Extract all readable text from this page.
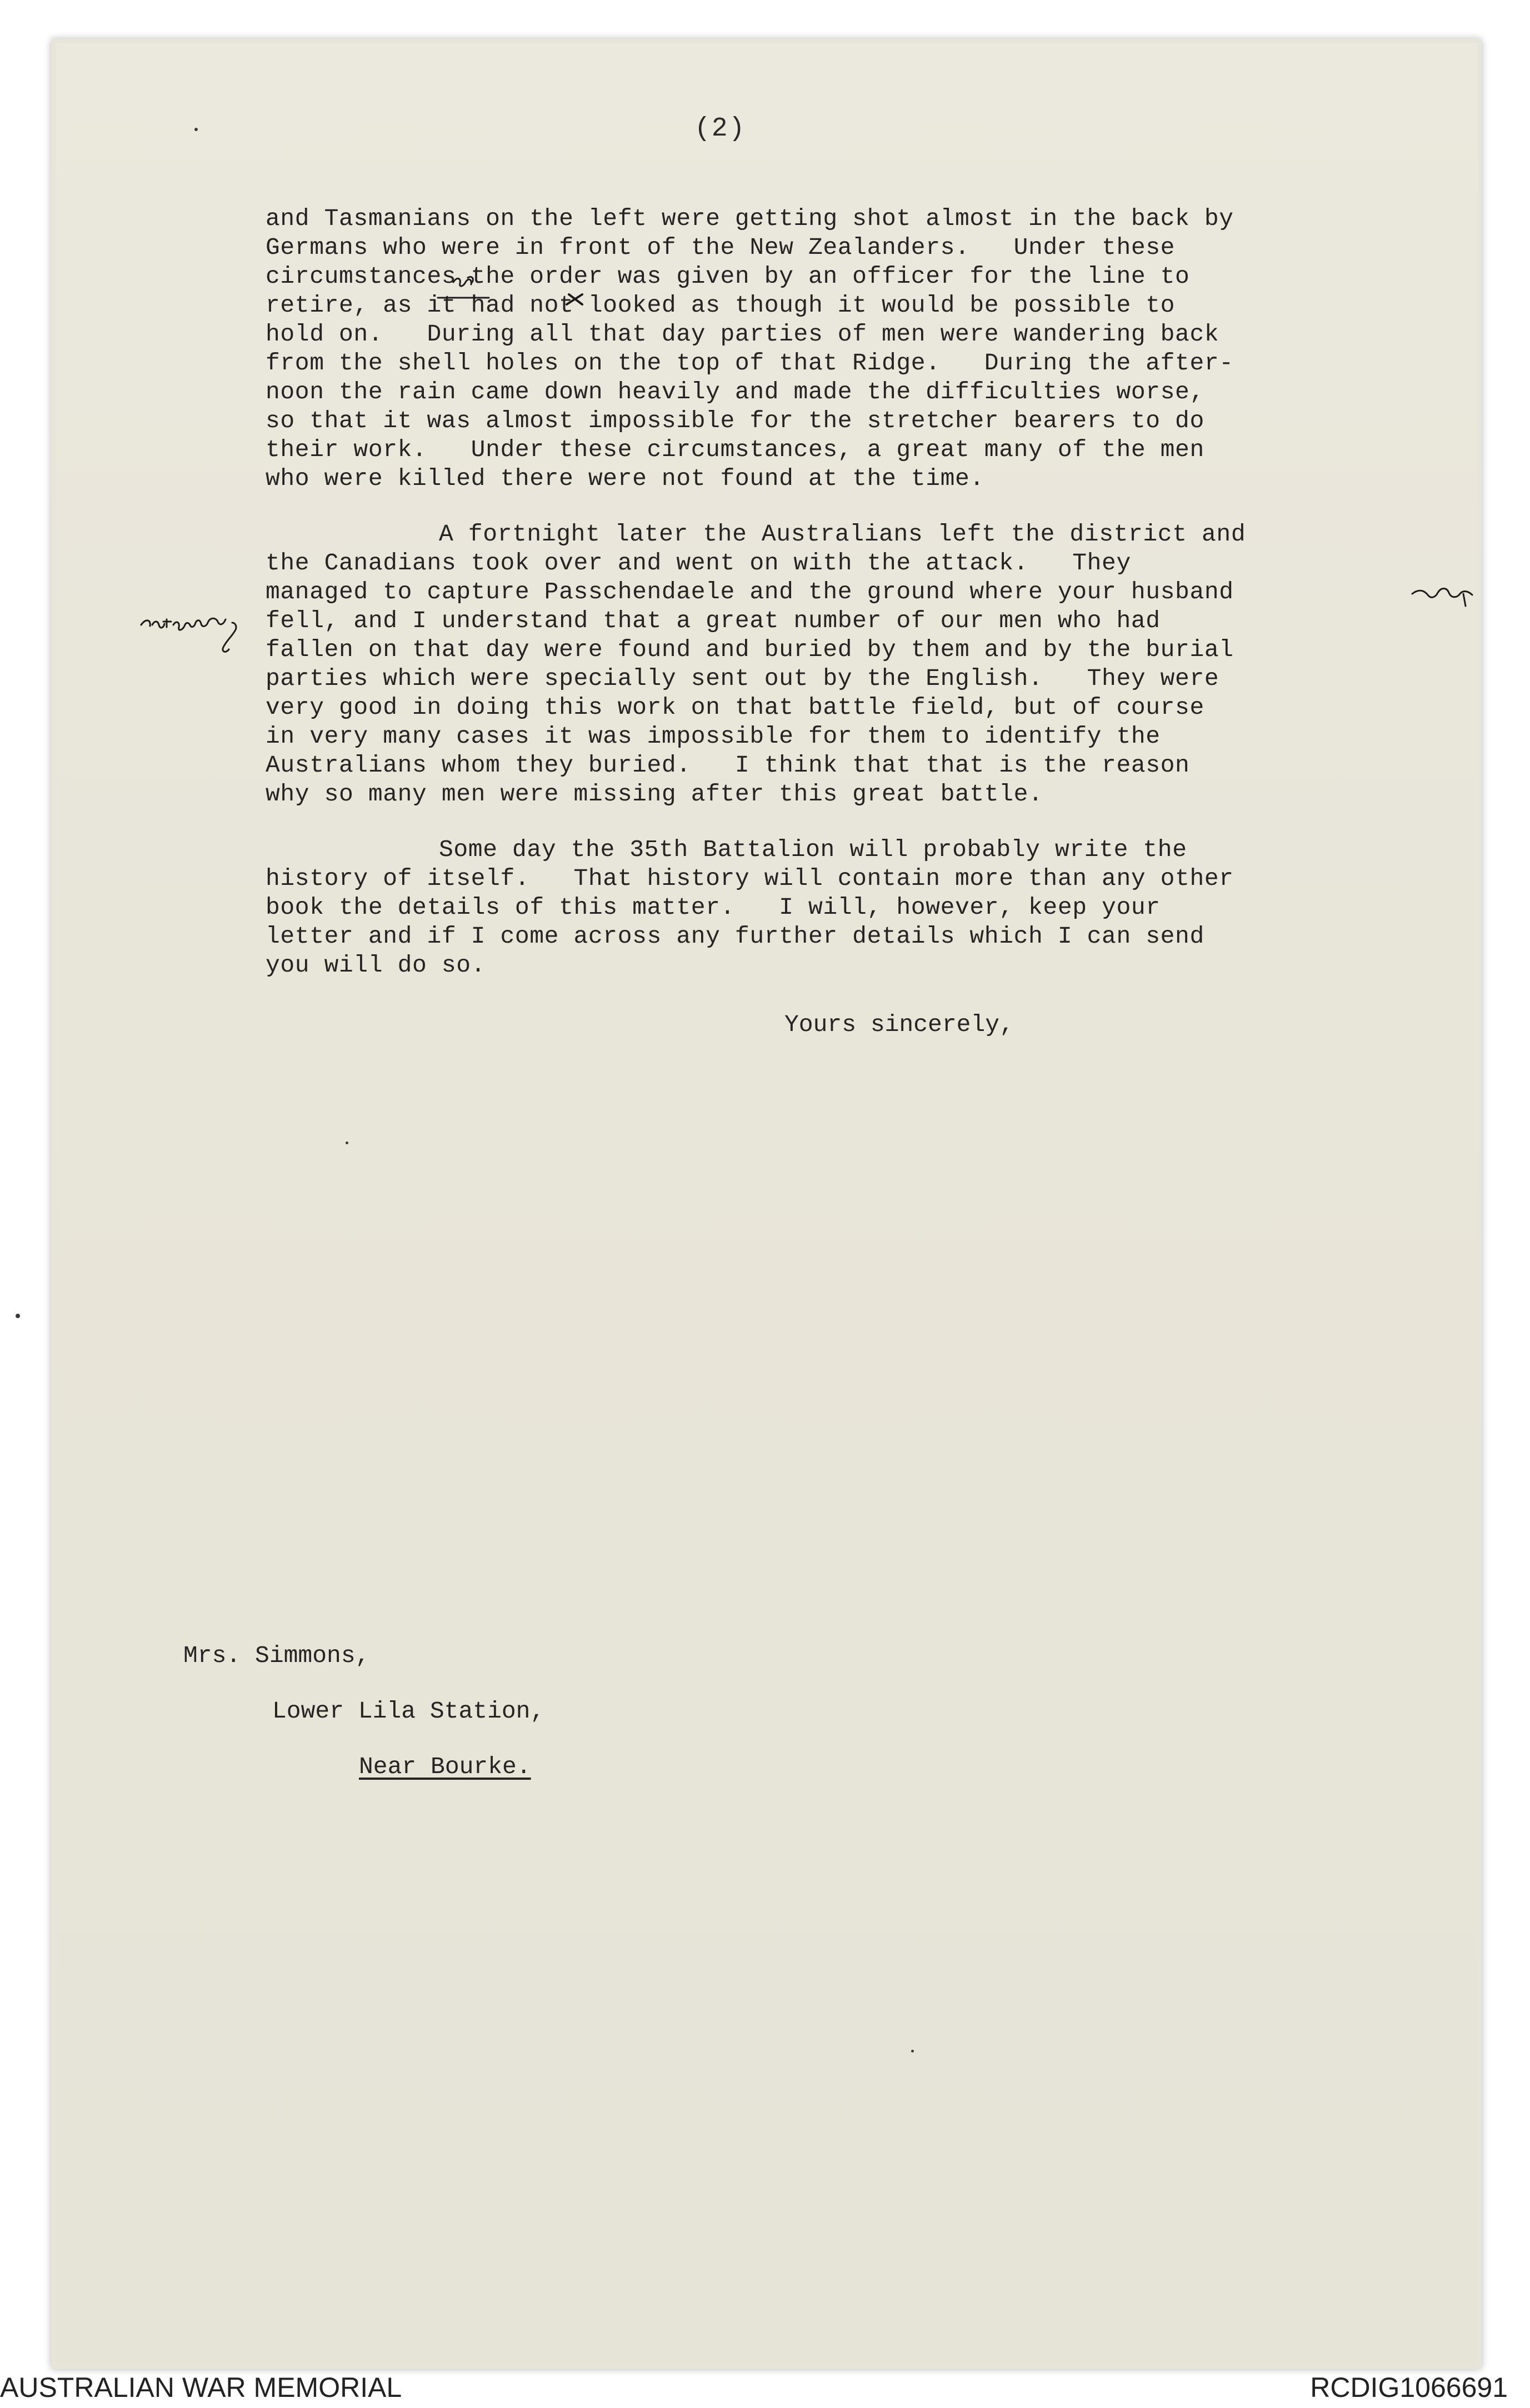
(2)
and Tasmanians on the left were getting shot almost in the back by
Germans who were in front of the New Zealanders.   Under these
circumstances the order was given by an officer for the line to
retire, as it had not looked as though it would be possible to
hold on.   During all that day parties of men were wandering back
from the shell holes on the top of that Ridge.   During the after-
noon the rain came down heavily and made the difficulties worse,
so that it was almost impossible for the stretcher bearers to do
their work.   Under these circumstances, a great many of the men
who were killed there were not found at the time.
A fortnight later the Australians left the district and
the Canadians took over and went on with the attack.   They
managed to capture Passchendaele and the ground where your husband
fell, and I understand that a great number of our men who had
fallen on that day were found and buried by them and by the burial
parties which were specially sent out by the English.   They were
very good in doing this work on that battle field, but of course
in very many cases it was impossible for them to identify the
Australians whom they buried.   I think that that is the reason
why so many men were missing after this great battle.
Some day the 35th Battalion will probably write the
history of itself.   That history will contain more than any other
book the details of this matter.   I will, however, keep your
letter and if I come across any further details which I can send
you will do so.
Yours sincerely,
Mrs. Simmons,
Lower Lila Station,
Near Bourke.
AUSTRALIAN WAR MEMORIAL	RCDIG1066691
